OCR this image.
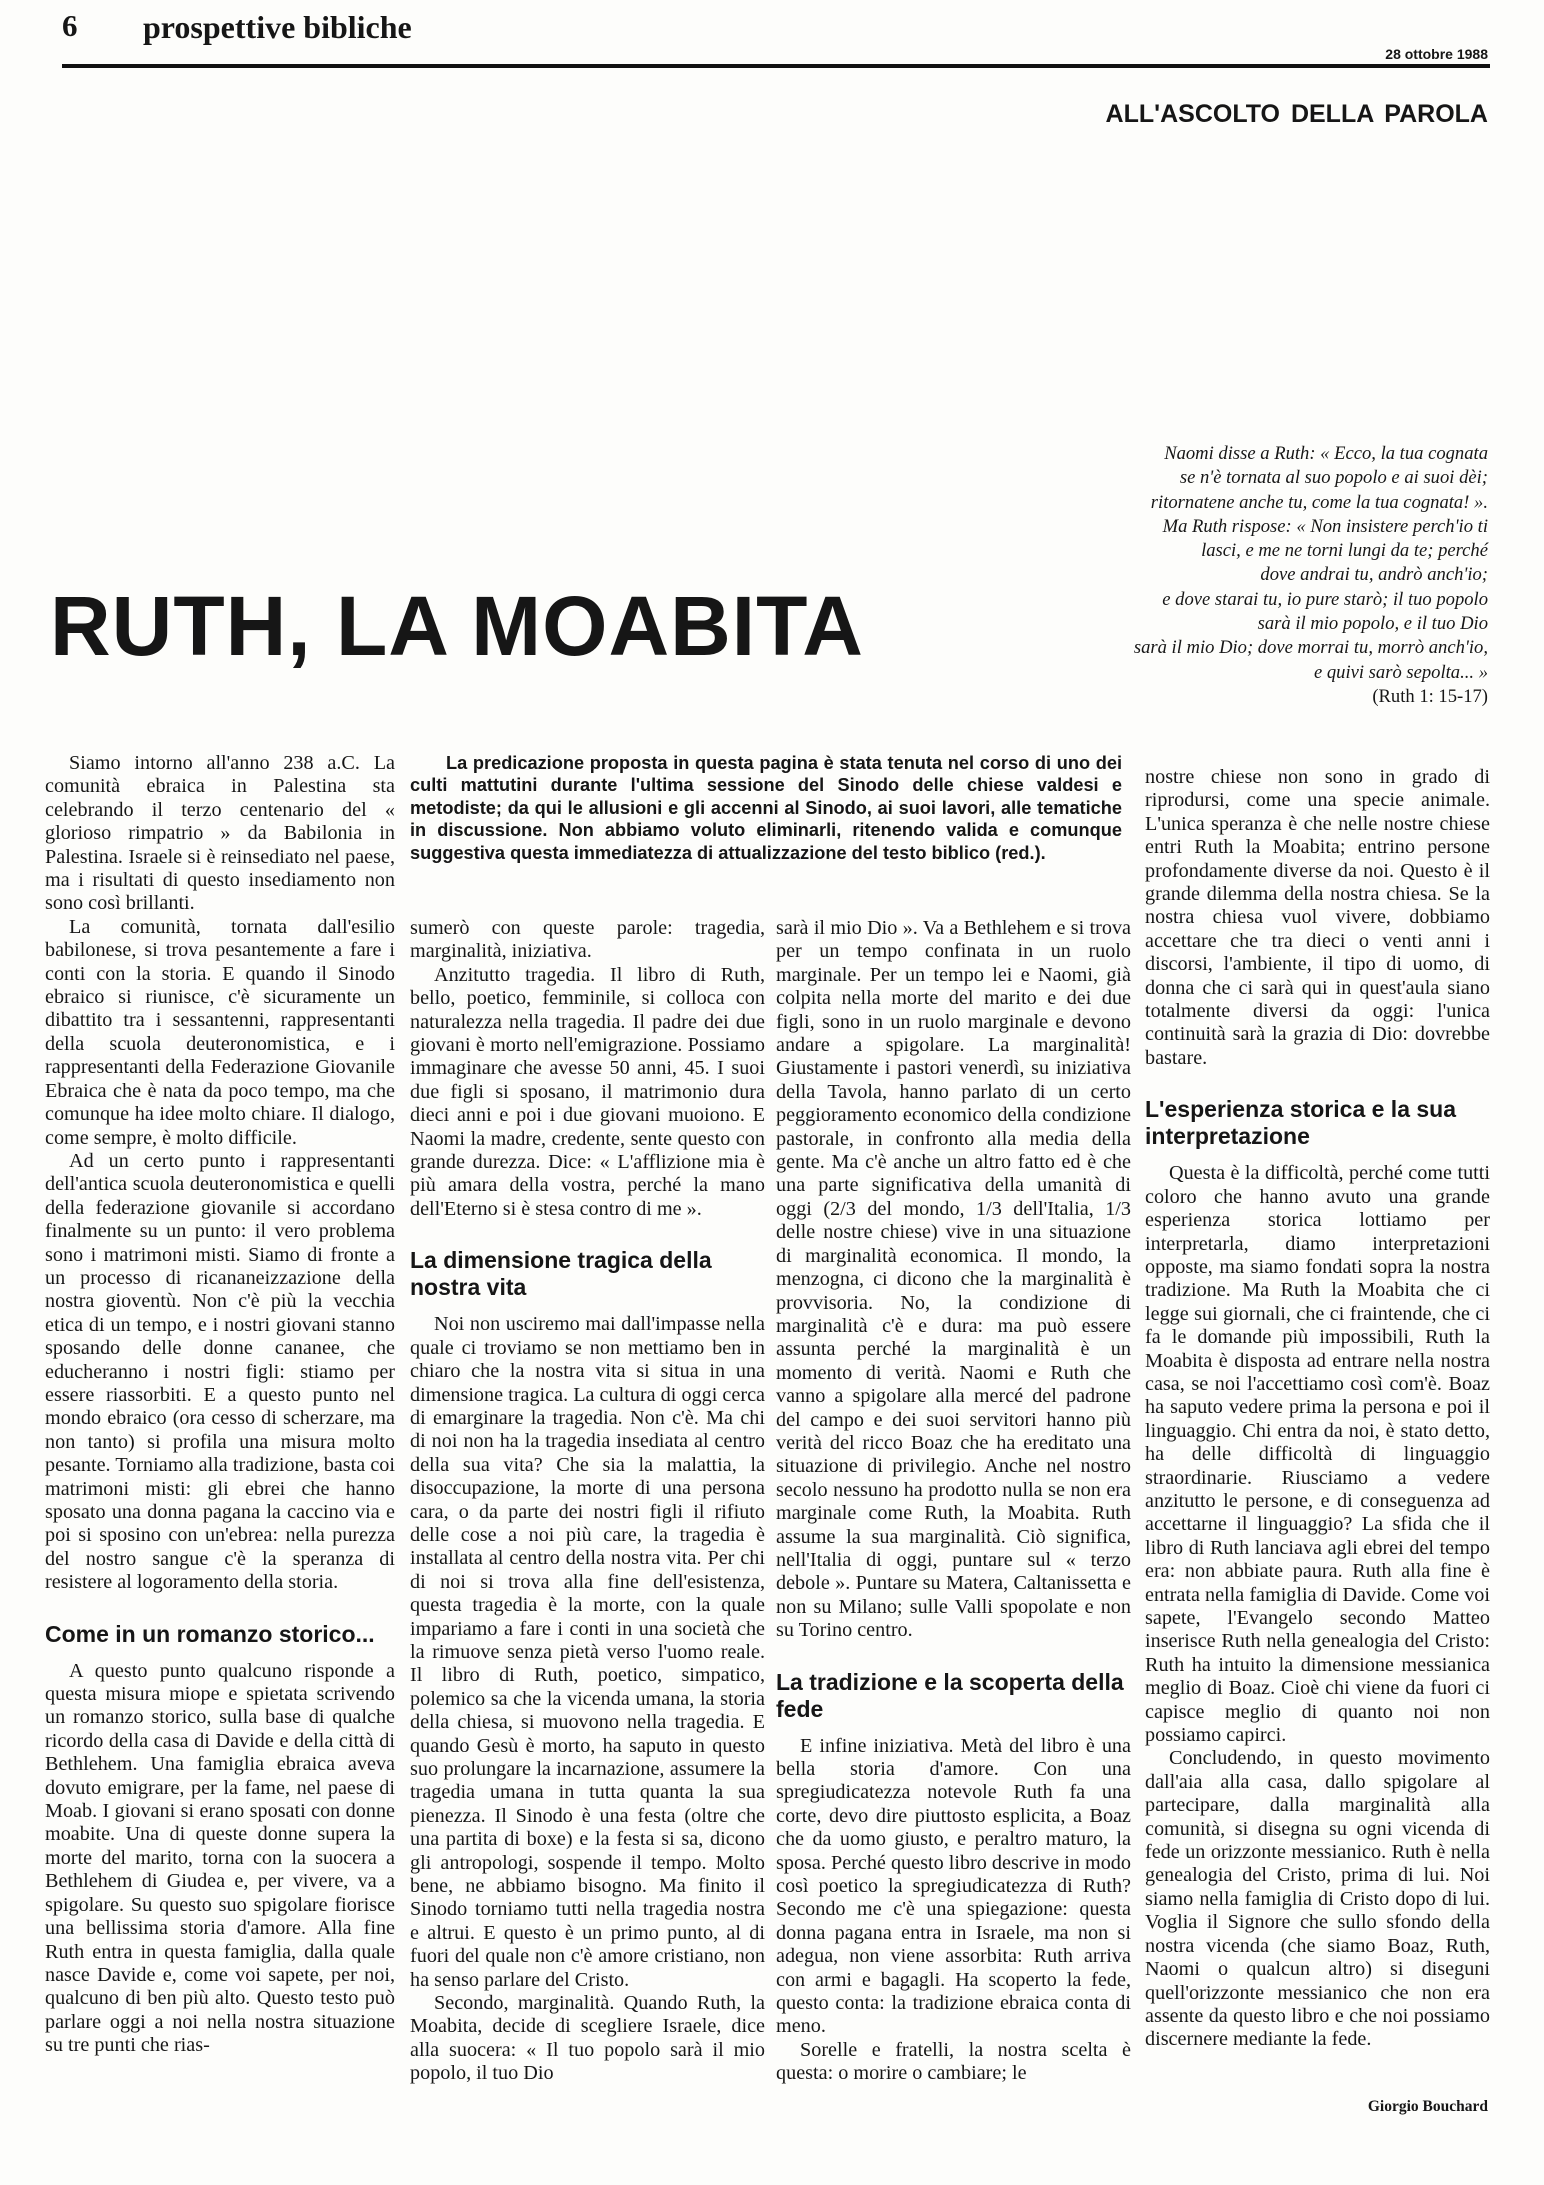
6 prospettive bibliche
28 ottobre 1988
ALL'ASCOLTO DELLA PAROLA
RUTH, LA MOABITA
Naomi disse a Ruth: « Ecco, la tua cognata
se n'è tornata al suo popolo e ai suoi dèi;
ritornatene anche tu, come la tua cognata! ».
Ma Ruth rispose: « Non insistere perch'io ti
lasci, e me ne torni lungi da te; perché
dove andrai tu, andrò anch'io;
e dove starai tu, io pure starò; il tuo popolo
sarà il mio popolo, e il tuo Dio
sarà il mio Dio; dove morrai tu, morrò anch'io,
e quivi sarò sepolta... »
(Ruth 1: 15-17)

La predicazione proposta in questa pagina è stata tenuta nel corso di uno dei culti mattutini durante l'ultima sessione del Sinodo delle chiese valdesi e metodiste; da qui le allusioni e gli accenni al Sinodo, ai suoi lavori, alle tematiche in discussione. Non abbiamo voluto eliminarli, ritenendo valida e comunque suggestiva questa immediatezza di attualizzazione del testo biblico (red.).

Siamo intorno all'anno 238 a.C. La comunità ebraica in Palestina sta celebrando il terzo centenario del « glorioso rimpatrio » da Babilonia in Palestina. Israele si è reinsediato nel paese, ma i risultati di questo insediamento non sono così brillanti.

La comunità, tornata dall'esilio babilonese, si trova pesantemente a fare i conti con la storia. E quando il Sinodo ebraico si riunisce, c'è sicuramente un dibattito tra i sessantenni, rappresentanti della scuola deuteronomistica, e i rappresentanti della Federazione Giovanile Ebraica che è nata da poco tempo, ma che comunque ha idee molto chiare. Il dialogo, come sempre, è molto difficile.

Ad un certo punto i rappresentanti dell'antica scuola deuteronomistica e quelli della federazione giovanile si accordano finalmente su un punto: il vero problema sono i matrimoni misti. Siamo di fronte a un processo di ricananeizzazione della nostra gioventù. Non c'è più la vecchia etica di un tempo, e i nostri giovani stanno sposando delle donne cananee, che educheranno i nostri figli: stiamo per essere riassorbiti. E a questo punto nel mondo ebraico (ora cesso di scherzare, ma non tanto) si profila una misura molto pesante. Torniamo alla tradizione, basta coi matrimoni misti: gli ebrei che hanno sposato una donna pagana la caccino via e poi si sposino con un'ebrea: nella purezza del nostro sangue c'è la speranza di resistere al logoramento della storia.

Come in un romanzo storico...

A questo punto qualcuno risponde a questa misura miope e spietata scrivendo un romanzo storico, sulla base di qualche ricordo della casa di Davide e della città di Bethlehem. Una famiglia ebraica aveva dovuto emigrare, per la fame, nel paese di Moab. I giovani si erano sposati con donne moabite. Una di queste donne supera la morte del marito, torna con la suocera a Bethlehem di Giudea e, per vivere, va a spigolare. Su questo suo spigolare fiorisce una bellissima storia d'amore. Alla fine Ruth entra in questa famiglia, dalla quale nasce Davide e, come voi sapete, per noi, qualcuno di ben più alto. Questo testo può parlare oggi a noi nella nostra situazione su tre punti che rias-

sumerò con queste parole: tragedia, marginalità, iniziativa.

Anzitutto tragedia. Il libro di Ruth, bello, poetico, femminile, si colloca con naturalezza nella tragedia. Il padre dei due giovani è morto nell'emigrazione. Possiamo immaginare che avesse 50 anni, 45. I suoi due figli si sposano, il matrimonio dura dieci anni e poi i due giovani muoiono. E Naomi la madre, credente, sente questo con grande durezza. Dice: « L'afflizione mia è più amara della vostra, perché la mano dell'Eterno si è stesa contro di me ».

La dimensione tragica della nostra vita

Noi non usciremo mai dall'impasse nella quale ci troviamo se non mettiamo ben in chiaro che la nostra vita si situa in una dimensione tragica. La cultura di oggi cerca di emarginare la tragedia. Non c'è. Ma chi di noi non ha la tragedia insediata al centro della sua vita? Che sia la malattia, la disoccupazione, la morte di una persona cara, o da parte dei nostri figli il rifiuto delle cose a noi più care, la tragedia è installata al centro della nostra vita. Per chi di noi si trova alla fine dell'esistenza, questa tragedia è la morte, con la quale impariamo a fare i conti in una società che la rimuove senza pietà verso l'uomo reale. Il libro di Ruth, poetico, simpatico, polemico sa che la vicenda umana, la storia della chiesa, si muovono nella tragedia. E quando Gesù è morto, ha saputo in questo suo prolungare la incarnazione, assumere la tragedia umana in tutta quanta la sua pienezza. Il Sinodo è una festa (oltre che una partita di boxe) e la festa si sa, dicono gli antropologi, sospende il tempo. Molto bene, ne abbiamo bisogno. Ma finito il Sinodo torniamo tutti nella tragedia nostra e altrui. E questo è un primo punto, al di fuori del quale non c'è amore cristiano, non ha senso parlare del Cristo.

Secondo, marginalità. Quando Ruth, la Moabita, decide di scegliere Israele, dice alla suocera: « Il tuo popolo sarà il mio popolo, il tuo Dio

sarà il mio Dio ». Va a Bethlehem e si trova per un tempo confinata in un ruolo marginale. Per un tempo lei e Naomi, già colpita nella morte del marito e dei due figli, sono in un ruolo marginale e devono andare a spigolare. La marginalità! Giustamente i pastori venerdì, su iniziativa della Tavola, hanno parlato di un certo peggioramento economico della condizione pastorale, in confronto alla media della gente. Ma c'è anche un altro fatto ed è che una parte significativa della umanità di oggi (2/3 del mondo, 1/3 dell'Italia, 1/3 delle nostre chiese) vive in una situazione di marginalità economica. Il mondo, la menzogna, ci dicono che la marginalità è provvisoria. No, la condizione di marginalità c'è e dura: ma può essere assunta perché la marginalità è un momento di verità. Naomi e Ruth che vanno a spigolare alla mercé del padrone del campo e dei suoi servitori hanno più verità del ricco Boaz che ha ereditato una situazione di privilegio. Anche nel nostro secolo nessuno ha prodotto nulla se non era marginale come Ruth, la Moabita. Ruth assume la sua marginalità. Ciò significa, nell'Italia di oggi, puntare sul « terzo debole ». Puntare su Matera, Caltanissetta e non su Milano; sulle Valli spopolate e non su Torino centro.

La tradizione e la scoperta della fede

E infine iniziativa. Metà del libro è una bella storia d'amore. Con una spregiudicatezza notevole Ruth fa una corte, devo dire piuttosto esplicita, a Boaz che da uomo giusto, e peraltro maturo, la sposa. Perché questo libro descrive in modo così poetico la spregiudicatezza di Ruth? Secondo me c'è una spiegazione: questa donna pagana entra in Israele, ma non si adegua, non viene assorbita: Ruth arriva con armi e bagagli. Ha scoperto la fede, questo conta: la tradizione ebraica conta di meno.

Sorelle e fratelli, la nostra scelta è questa: o morire o cambiare; le

nostre chiese non sono in grado di riprodursi, come una specie animale. L'unica speranza è che nelle nostre chiese entri Ruth la Moabita; entrino persone profondamente diverse da noi. Questo è il grande dilemma della nostra chiesa. Se la nostra chiesa vuol vivere, dobbiamo accettare che tra dieci o venti anni i discorsi, l'ambiente, il tipo di uomo, di donna che ci sarà qui in quest'aula siano totalmente diversi da oggi: l'unica continuità sarà la grazia di Dio: dovrebbe bastare.

L'esperienza storica e la sua interpretazione

Questa è la difficoltà, perché come tutti coloro che hanno avuto una grande esperienza storica lottiamo per interpretarla, diamo interpretazioni opposte, ma siamo fondati sopra la nostra tradizione. Ma Ruth la Moabita che ci legge sui giornali, che ci fraintende, che ci fa le domande più impossibili, Ruth la Moabita è disposta ad entrare nella nostra casa, se noi l'accettiamo così com'è. Boaz ha saputo vedere prima la persona e poi il linguaggio. Chi entra da noi, è stato detto, ha delle difficoltà di linguaggio straordinarie. Riusciamo a vedere anzitutto le persone, e di conseguenza ad accettarne il linguaggio? La sfida che il libro di Ruth lanciava agli ebrei del tempo era: non abbiate paura. Ruth alla fine è entrata nella famiglia di Davide. Come voi sapete, l'Evangelo secondo Matteo inserisce Ruth nella genealogia del Cristo: Ruth ha intuito la dimensione messianica meglio di Boaz. Cioè chi viene da fuori ci capisce meglio di quanto noi non possiamo capirci.

Concludendo, in questo movimento dall'aia alla casa, dallo spigolare al partecipare, dalla marginalità alla comunità, si disegna su ogni vicenda di fede un orizzonte messianico. Ruth è nella genealogia del Cristo, prima di lui. Noi siamo nella famiglia di Cristo dopo di lui. Voglia il Signore che sullo sfondo della nostra vicenda (che siamo Boaz, Ruth, Naomi o qualcun altro) si diseguni quell'orizzonte messianico che non era assente da questo libro e che noi possiamo discernere mediante la fede.

Giorgio Bouchard
